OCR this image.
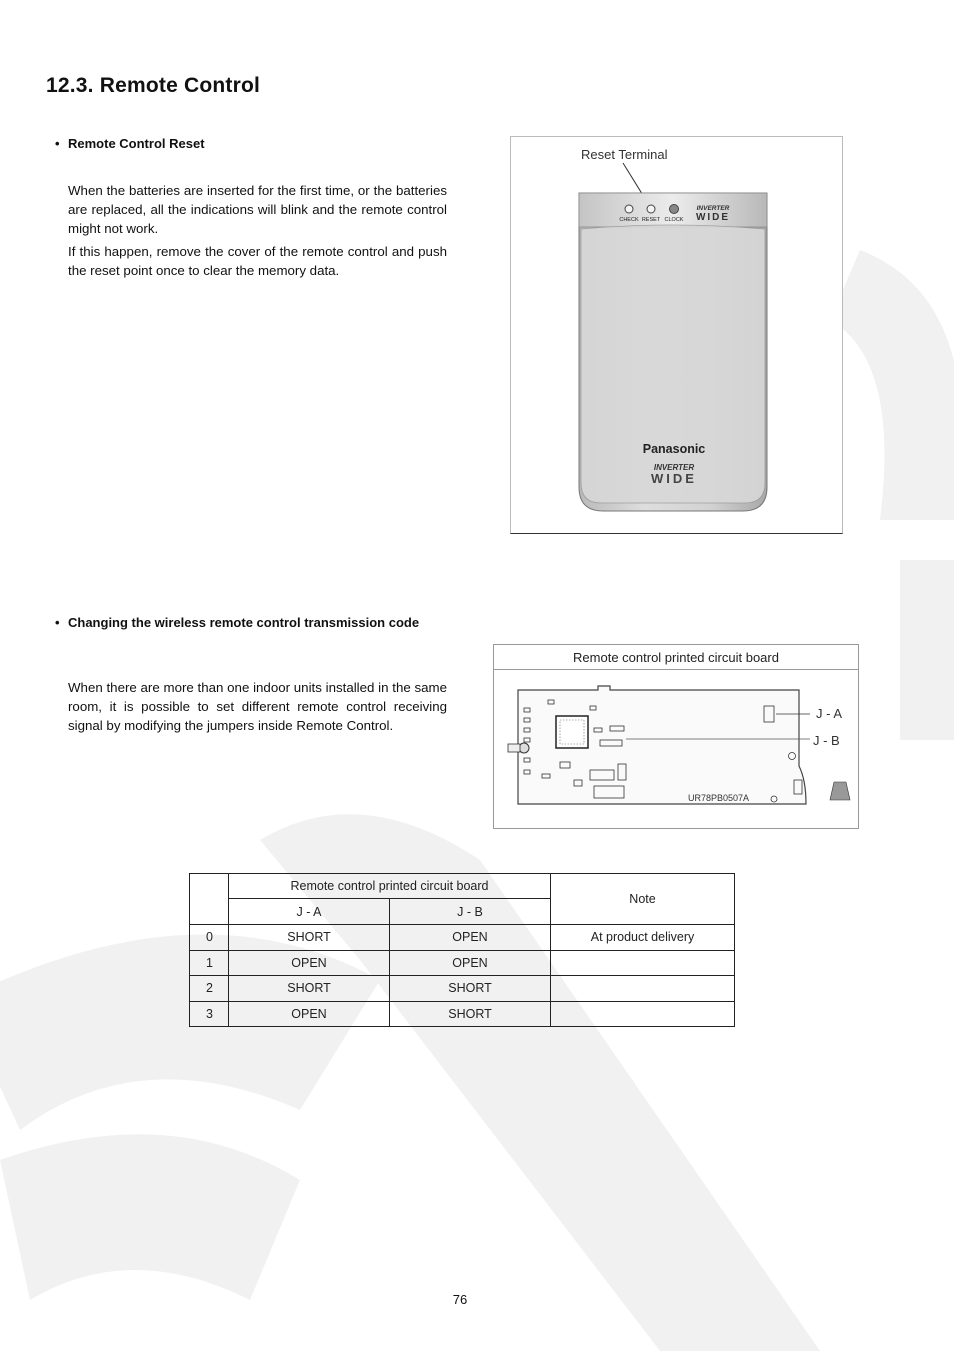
12.3. Remote Control
• Remote Control Reset
When the batteries are inserted for the first time, or the batteries are replaced, all the indications will blink and the remote control might not work.
If this happen, remove the cover of the remote control and push the reset point once to clear the memory data.
CHECK RESET CLOCK
INVERTER
WIDE
Panasonic
INVERTER
WIDE
Reset Terminal
• Changing the wireless remote control transmission code
When there are more than one indoor units installed in the same room, it is possible to set different remote control receiving signal by modifying the jumpers inside Remote Control.
Remote control printed circuit board
J - A
J - B
UR78PB0507A
	Remote control printed circuit board		Note
	J - A	J - B	
0	SHORT	OPEN	At product delivery
1	OPEN	OPEN	
2	SHORT	SHORT	
3	OPEN	SHORT	
76
